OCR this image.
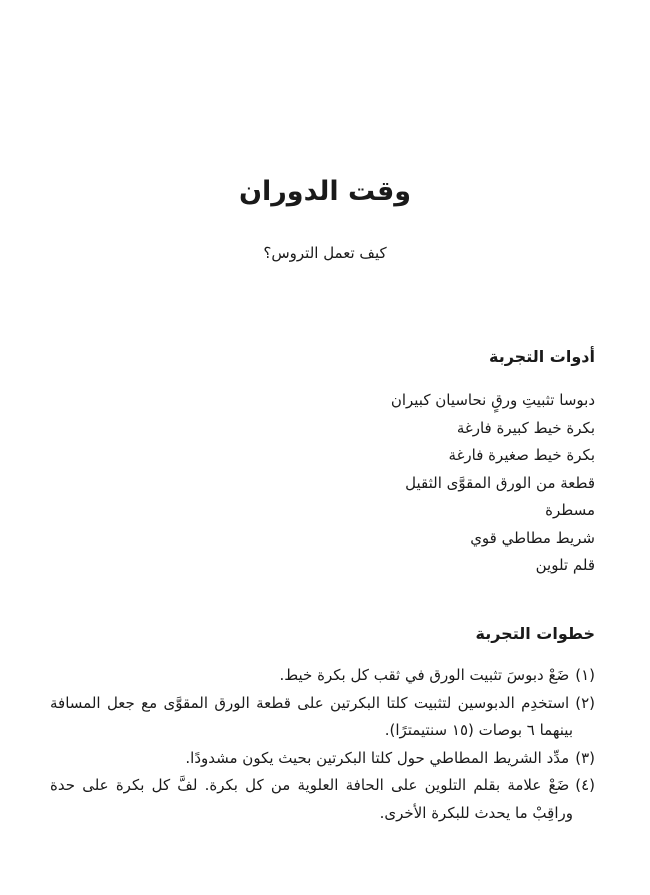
وقت الدوران

كيف تعمل التروس؟

أدوات التجربة
دبوسا تثبيتِ ورقٍ نحاسيان كبيران
بكرة خيط كبيرة فارغة
بكرة خيط صغيرة فارغة
قطعة من الورق المقوَّى الثقيل
مسطرة
شريط مطاطي قوي
قلم تلوين
خطوات التجربة
(١)ضَعْ دبوسَ تثبيت الورق في ثقب كل بكرة خيط.
(٢)استخدِم الدبوسين لتثبيت كلتا البكرتين على قطعة الورق المقوَّى مع جعل المسافة بينهما ٦ بوصات (١٥ سنتيمترًا).
(٣)مدِّد الشريط المطاطي حول كلتا البكرتين بحيث يكون مشدودًا.
(٤)ضَعْ علامة بقلم التلوين على الحافة العلوية من كل بكرة. لفَّ كل بكرة على حدة وراقِبْ ما يحدث للبكرة الأخرى.
